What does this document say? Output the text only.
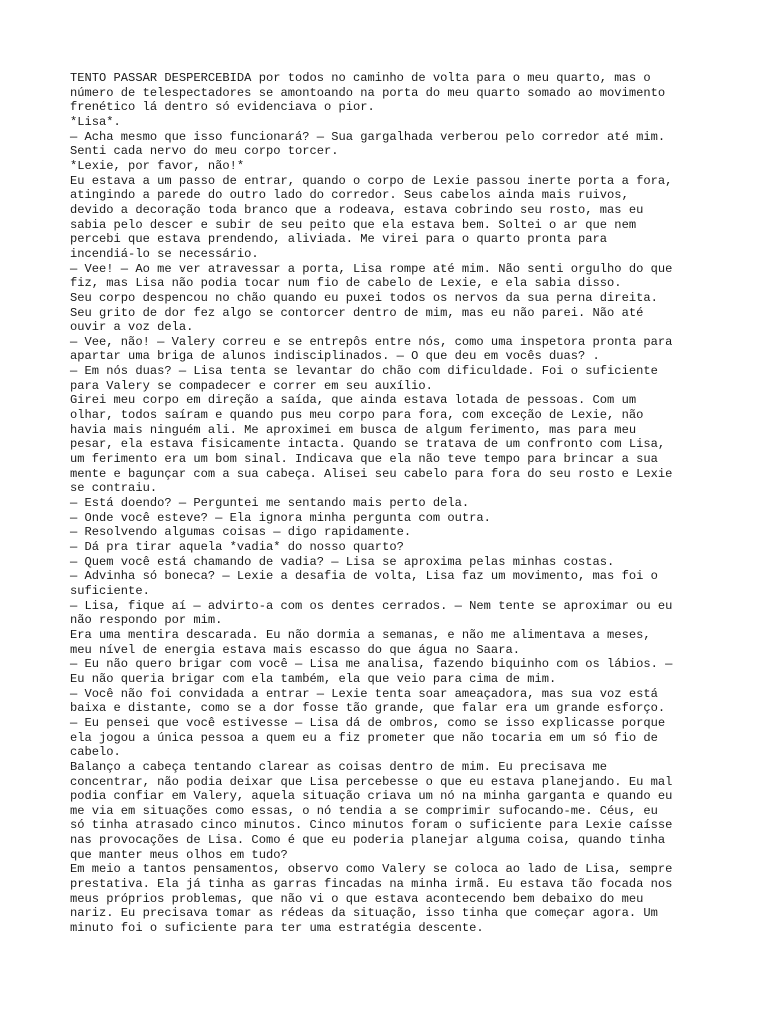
TENTO PASSAR DESPERCEBIDA por todos no caminho de volta para o meu quarto, mas o
número de telespectadores se amontoando na porta do meu quarto somado ao movimento
frenético lá dentro só evidenciava o pior.
*Lisa*.
— Acha mesmo que isso funcionará? — Sua gargalhada verberou pelo corredor até mim.
Senti cada nervo do meu corpo torcer.
*Lexie, por favor, não!*
Eu estava a um passo de entrar, quando o corpo de Lexie passou inerte porta a fora,
atingindo a parede do outro lado do corredor. Seus cabelos ainda mais ruivos,
devido a decoração toda branco que a rodeava, estava cobrindo seu rosto, mas eu
sabia pelo descer e subir de seu peito que ela estava bem. Soltei o ar que nem
percebi que estava prendendo, aliviada. Me virei para o quarto pronta para
incendiá-lo se necessário.
— Vee! — Ao me ver atravessar a porta, Lisa rompe até mim. Não senti orgulho do que
fiz, mas Lisa não podia tocar num fio de cabelo de Lexie, e ela sabia disso.
Seu corpo despencou no chão quando eu puxei todos os nervos da sua perna direita.
Seu grito de dor fez algo se contorcer dentro de mim, mas eu não parei. Não até
ouvir a voz dela.
— Vee, não! — Valery correu e se entrepôs entre nós, como uma inspetora pronta para
apartar uma briga de alunos indisciplinados. — O que deu em vocês duas? .
— Em nós duas? — Lisa tenta se levantar do chão com dificuldade. Foi o suficiente
para Valery se compadecer e correr em seu auxílio.
Girei meu corpo em direção a saída, que ainda estava lotada de pessoas. Com um
olhar, todos saíram e quando pus meu corpo para fora, com exceção de Lexie, não
havia mais ninguém ali. Me aproximei em busca de algum ferimento, mas para meu
pesar, ela estava fisicamente intacta. Quando se tratava de um confronto com Lisa,
um ferimento era um bom sinal. Indicava que ela não teve tempo para brincar a sua
mente e bagunçar com a sua cabeça. Alisei seu cabelo para fora do seu rosto e Lexie
se contraiu.
— Está doendo? — Perguntei me sentando mais perto dela.
— Onde você esteve? — Ela ignora minha pergunta com outra.
— Resolvendo algumas coisas — digo rapidamente.
— Dá pra tirar aquela *vadia* do nosso quarto?
— Quem você está chamando de vadia? — Lisa se aproxima pelas minhas costas.
— Advinha só boneca? — Lexie a desafia de volta, Lisa faz um movimento, mas foi o
suficiente.
— Lisa, fique aí — advirto-a com os dentes cerrados. — Nem tente se aproximar ou eu
não respondo por mim.
Era uma mentira descarada. Eu não dormia a semanas, e não me alimentava a meses,
meu nível de energia estava mais escasso do que água no Saara.
— Eu não quero brigar com você — Lisa me analisa, fazendo biquinho com os lábios. —
Eu não queria brigar com ela também, ela que veio para cima de mim.
— Você não foi convidada a entrar — Lexie tenta soar ameaçadora, mas sua voz está
baixa e distante, como se a dor fosse tão grande, que falar era um grande esforço.
— Eu pensei que você estivesse — Lisa dá de ombros, como se isso explicasse porque
ela jogou a única pessoa a quem eu a fiz prometer que não tocaria em um só fio de
cabelo.
Balanço a cabeça tentando clarear as coisas dentro de mim. Eu precisava me
concentrar, não podia deixar que Lisa percebesse o que eu estava planejando. Eu mal
podia confiar em Valery, aquela situação criava um nó na minha garganta e quando eu
me via em situações como essas, o nó tendia a se comprimir sufocando-me. Céus, eu
só tinha atrasado cinco minutos. Cinco minutos foram o suficiente para Lexie caísse
nas provocações de Lisa. Como é que eu poderia planejar alguma coisa, quando tinha
que manter meus olhos em tudo?
Em meio a tantos pensamentos, observo como Valery se coloca ao lado de Lisa, sempre
prestativa. Ela já tinha as garras fincadas na minha irmã. Eu estava tão focada nos
meus próprios problemas, que não vi o que estava acontecendo bem debaixo do meu
nariz. Eu precisava tomar as rédeas da situação, isso tinha que começar agora. Um
minuto foi o suficiente para ter uma estratégia descente.
